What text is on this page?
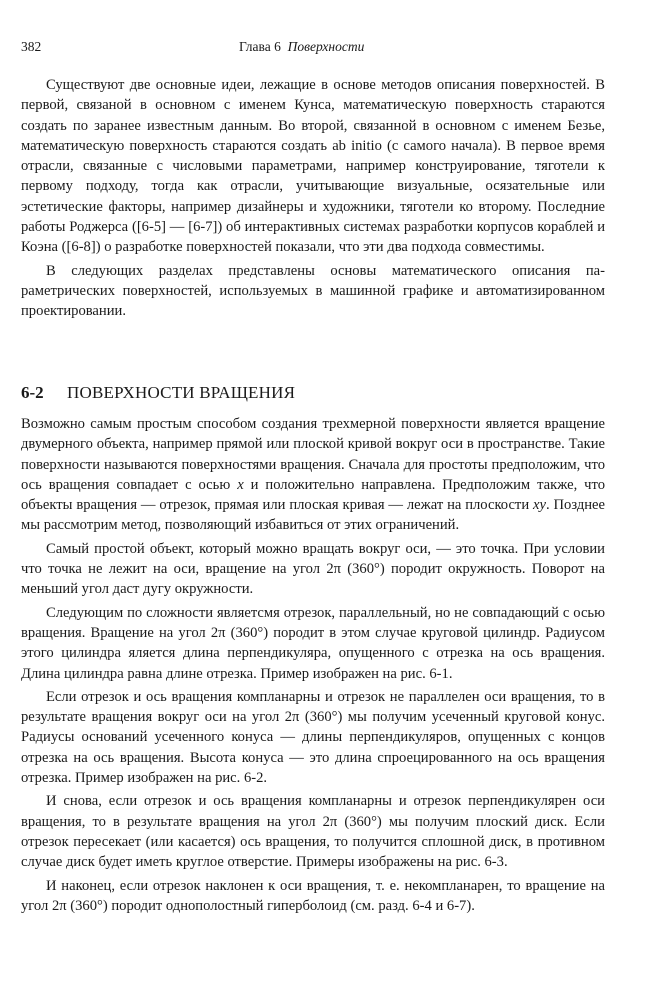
382	Глава 6 Поверхности

Существуют две основные идеи, лежащие в основе методов описания поверхностей. В первой, связаной в основном с именем Кунса, математическую поверхность стараются создать по заранее известным данным. Во второй, связанной в основном с именем Безье, математическую поверхность стараются создать ab initio (с самого начала). В первое время отрасли, связанные с числовыми параметрами, например конструирование, тяготели к первому подходу, тогда как отрасли, учитывающие визуальные, осязательные или эстетические факторы, например дизайнеры и художники, тяготели ко второму. Последние работы Роджерса ([6-5] — [6-7]) об интерактивных системах разработки корпусов кораблей и Коэна ([6-8]) о разработке поверхностей показали, что эти два подхода совместимы.

В следующих разделах представлены основы математического описания параметрических поверхностей, используемых в машинной графике и автоматизированном проектировании.

6-2 ПОВЕРХНОСТИ ВРАЩЕНИЯ

Возможно самым простым способом создания трехмерной поверхности является вращение двумерного объекта, например прямой или плоской кривой вокруг оси в пространстве. Такие поверхности называются поверхностями вращения. Сначала для простоты предположим, что ось вращения совпадает с осью x и положительно направлена. Предположим также, что объекты вращения — отрезок, прямая или плоская кривая — лежат на плоскости xy. Позднее мы рассмотрим метод, позволяющий избавиться от этих ограничений.

Самый простой объект, который можно вращать вокруг оси, — это точка. При условии что точка не лежит на оси, вращение на угол 2π (360°) породит окружность. Поворот на меньший угол даст дугу окружности.

Следующим по сложности являетсмя отрезок, параллельный, но не совпадающий с осью вращения. Вращение на угол 2π (360°) породит в этом случае круговой цилиндр. Радиусом этого цилиндра яляется длина перпендикуляра, опущенного с отрезка на ось вращения. Длина цилиндра равна длине отрезка. Пример изображен на рис. 6-1.

Если отрезок и ось вращения компланарны и отрезок не параллелен оси вращения, то в результате вращения вокруг оси на угол 2π (360°) мы получим усеченный круговой конус. Радиусы оснований усеченного конуса — длины перпендикуляров, опущенных с концов отрезка на ось вращения. Высота конуса — это длина спроецированного на ось вращения отрезка. Пример изображен на рис. 6-2.

И снова, если отрезок и ось вращения компланарны и отрезок перпендикулярен оси вращения, то в результате вращения на угол 2π (360°) мы получим плоский диск. Если отрезок пересекает (или касается) ось вращения, то получится сплошной диск, в противном случае диск будет иметь круглое отверстие. Примеры изображены на рис. 6-3.

И наконец, если отрезок наклонен к оси вращения, т. е. некомпланарен, то вращение на угол 2π (360°) породит однополостный гиперболоид (см. разд. 6-4 и 6-7).
